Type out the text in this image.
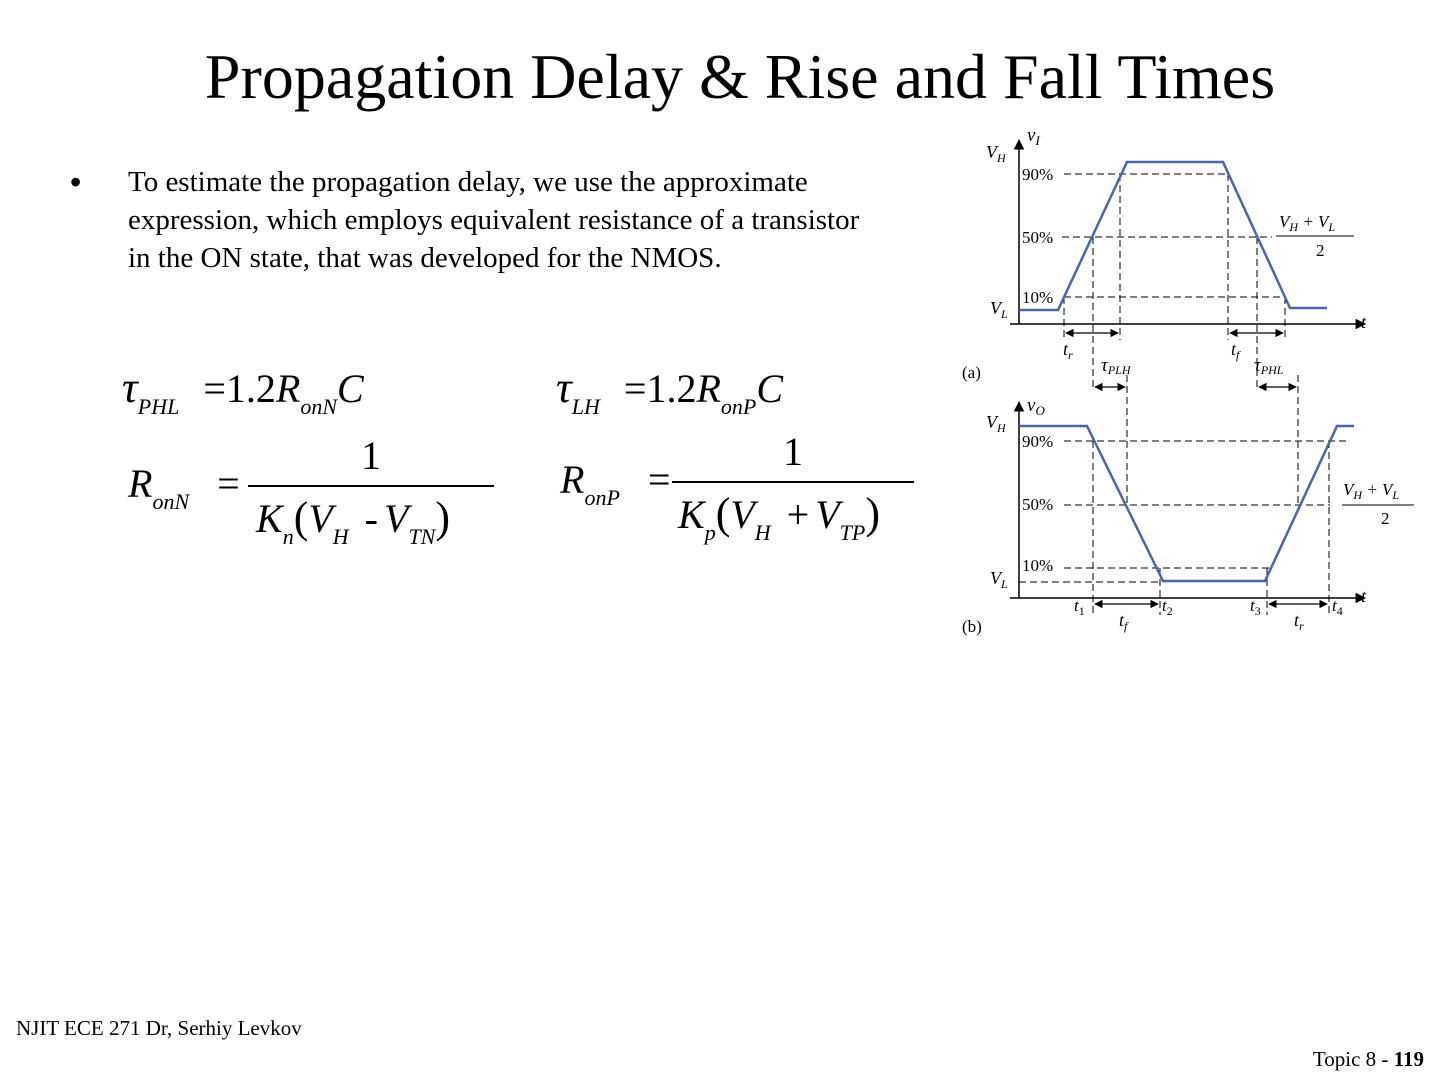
Propagation Delay & Rise and Fall Times
• To estimate the propagation delay, we use the approximate expression, which employs equivalent resistance of a transistor in the ON state, that was developed for the NMOS.
$\tau_{PHL} =1.2R_{onN}C$	$\tau_{LH} =1.2R_{onP}C$
$R_{onN}$ =
1
$K_n(V_H - V_{TN})$
$R_{onP}$ =
1
$K_p(V_H + V_{TP})$
$v_I$
$V_H$
$V_L$
90%
50%
10%
t
$V_H + V_L$
2
$t_r$	$t_f$
(a)	τPLH	τPHL
$v_O$
$V_H$
$V_L$
90%
50%
10%
t
$V_H + V_L$
2
$t_1$	$t_2$	$t_3$	$t_4$
$t_f$	$t_r$
(b)
NJIT ECE 271 Dr, Serhiy Levkov
Topic 8 - 119
